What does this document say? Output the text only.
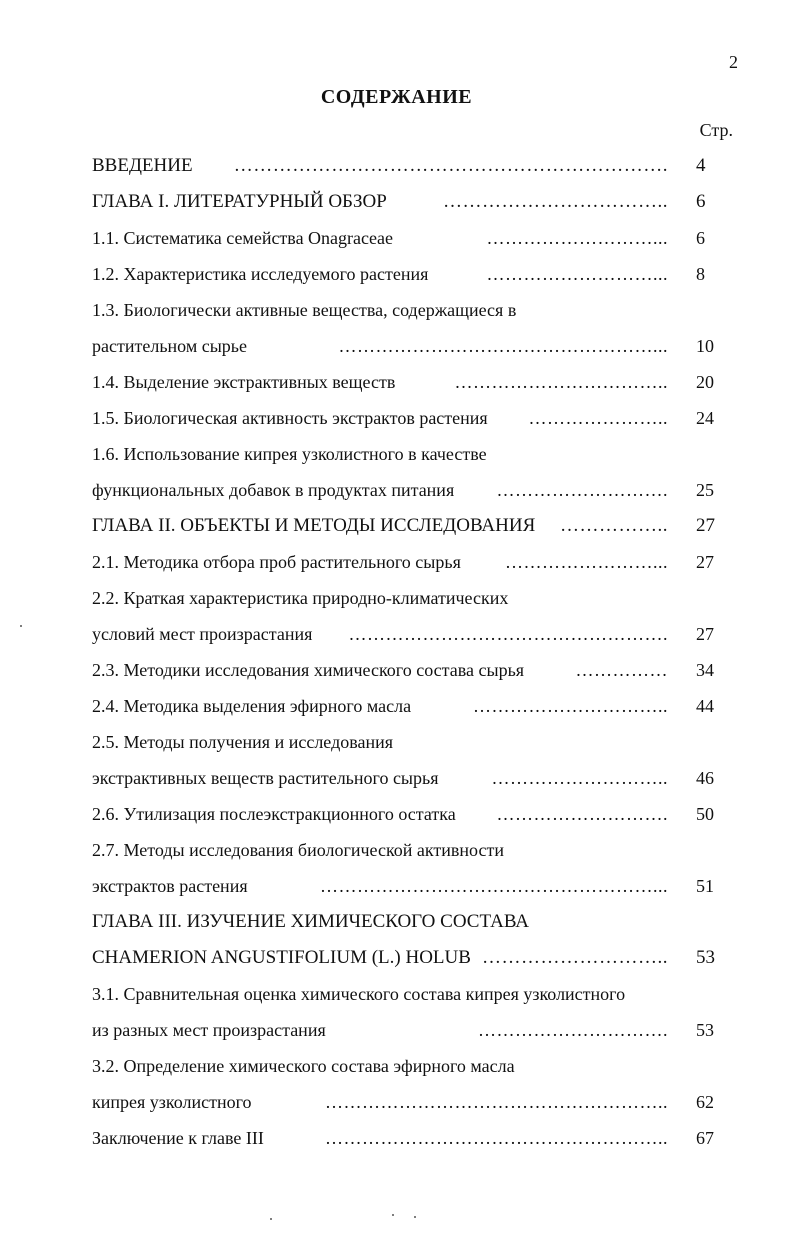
2
СОДЕРЖАНИЕ
Стр.
ВВЕДЕНИЕ	…………………………………………………………. 4
ГЛАВА I. ЛИТЕРАТУРНЫЙ ОБЗОР	…………………………….. 6
1.1. Систематика семейства Onagraceae	………………………... 6
1.2. Характеристика исследуемого растения	………………………... 8
1.3. Биологически активные вещества, содержащиеся в
растительном сырье	……………………………………………... 10
1.4. Выделение экстрактивных веществ	…………………………….. 20
1.5. Биологическая активность экстрактов растения	………………….. 24
1.6. Использование кипрея узколистного в качестве
функциональных добавок в продуктах питания	………………………. 25
ГЛАВА II. ОБЪЕКТЫ И МЕТОДЫ ИССЛЕДОВАНИЯ	…………….. 27
2.1. Методика отбора проб растительного сырья	……………………... 27
2.2. Краткая характеристика природно-климатических
условий мест произрастания	……………………………………………. 27
2.3. Методики исследования химического состава сырья	…………… 34
2.4. Методика выделения эфирного масла	………………………….. 44
2.5. Методы получения и исследования
экстрактивных веществ растительного сырья	……………………….. 46
2.6. Утилизация послеэкстракционного остатка	………………………. 50
2.7. Методы исследования биологической активности
экстрактов растения	………………………………………………... 51
ГЛАВА III. ИЗУЧЕНИЕ ХИМИЧЕСКОГО СОСТАВА
CHAMERION ANGUSTIFOLIUM (L.) HOLUB ……………………….. 53
3.1. Сравнительная оценка химического состава кипрея узколистного
из разных мест произрастания	…………………………. 53
3.2. Определение химического состава эфирного масла
кипрея узколистного	……………………………………………….. 62
Заключение к главе III	……………………………………………….. 67
